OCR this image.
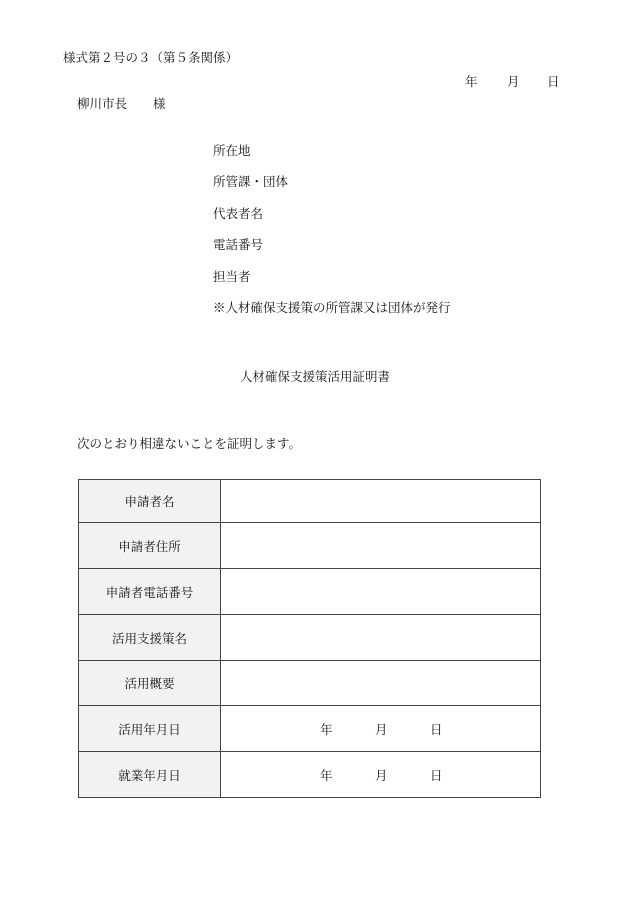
様式第２号の３（第５条関係）
年 月 日
柳川市長 様
所在地
所管課・団体
代表者名
電話番号
担当者
※人材確保支援策の所管課又は団体が発行
人材確保支援策活用証明書
次のとおり相違ないことを証明します。
申請者名	
申請者住所	
申請者電話番号	
活用支援策名	
活用概要	
活用年月日	年 月 日

就業年月日	年 月 日
